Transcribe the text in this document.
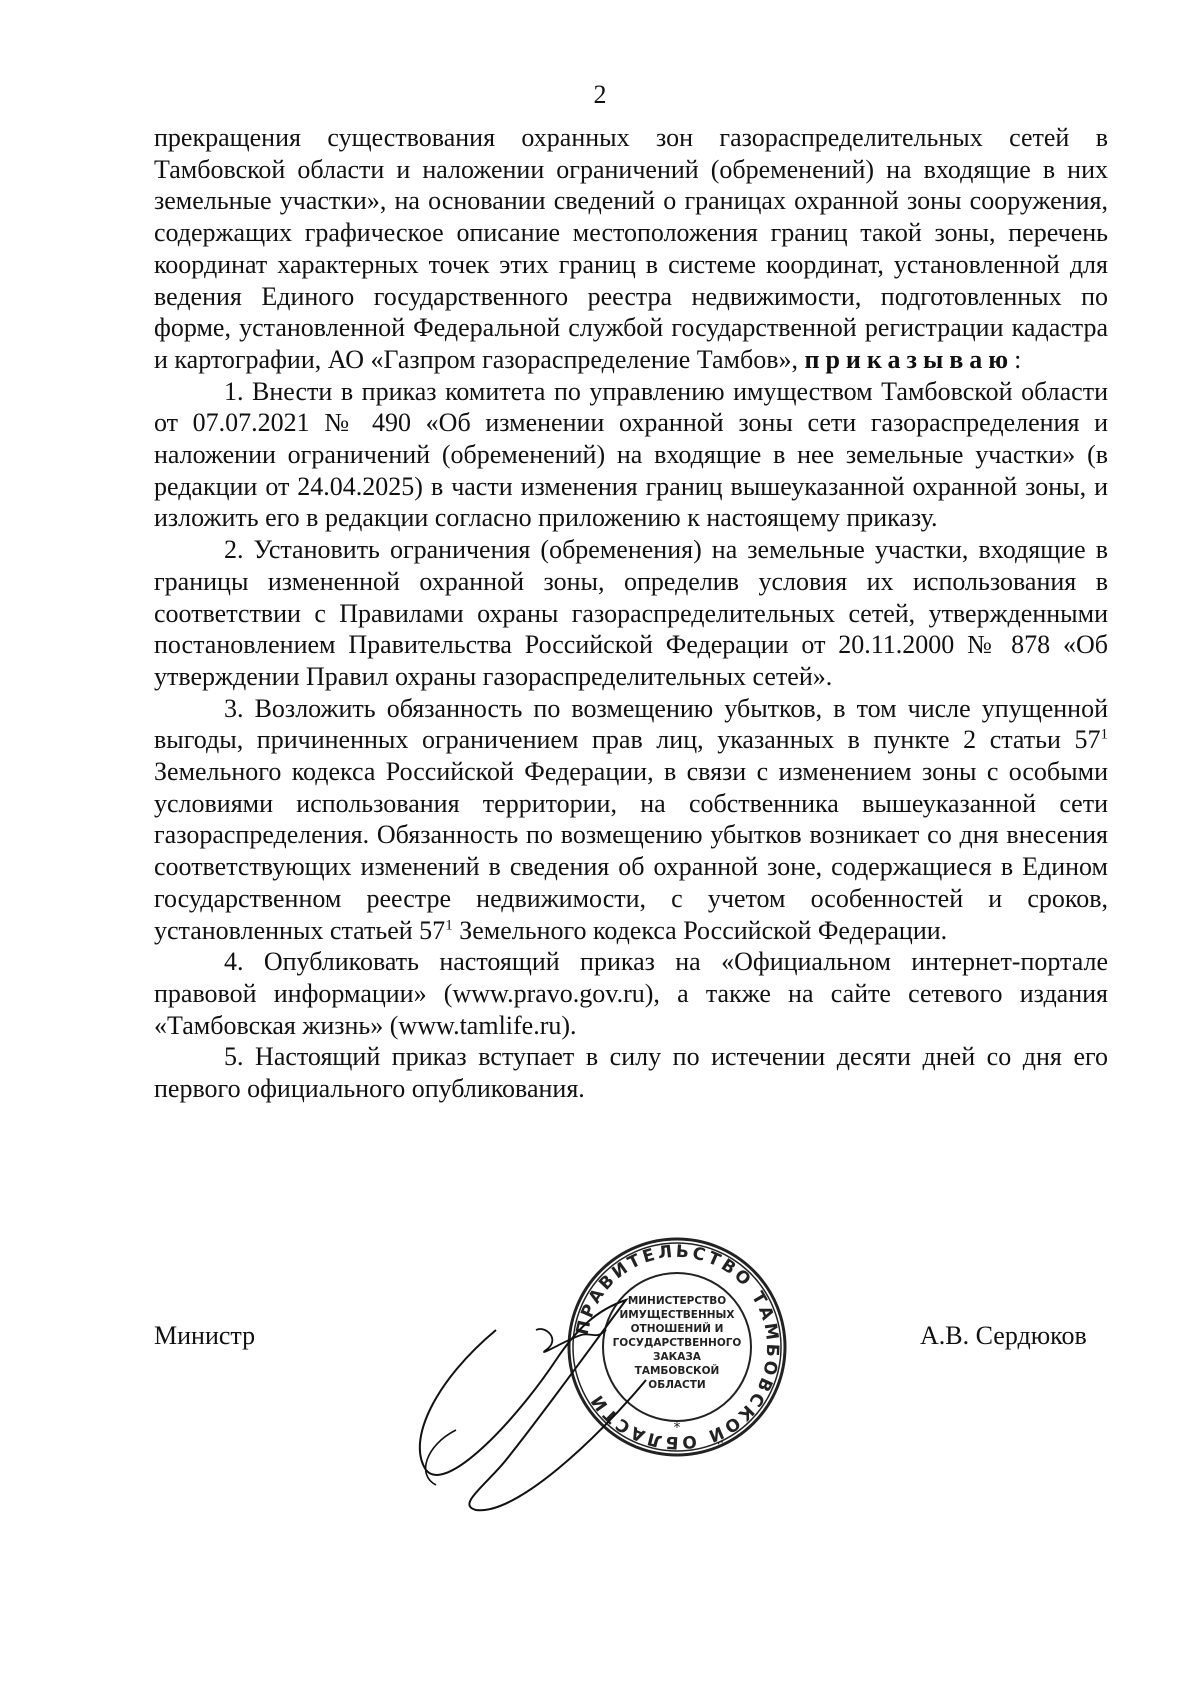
2

прекращения существования охранных зон газораспределительных сетей в Тамбовской области и наложении ограничений (обременений) на входящие в них земельные участки», на основании сведений о границах охранной зоны сооружения, содержащих графическое описание местоположения границ такой зоны, перечень координат характерных точек этих границ в системе координат, установленной для ведения Единого государственного реестра недвижимости, подготовленных по форме, установленной Федеральной службой государственной регистрации кадастра и картографии, АО «Газпром газораспределение Тамбов», приказываю:

1. Внести в приказ комитета по управлению имуществом Тамбовской области от 07.07.2021 № 490 «Об изменении охранной зоны сети газораспределения и наложении ограничений (обременений) на входящие в нее земельные участки» (в редакции от 24.04.2025) в части изменения границ вышеуказанной охранной зоны, и изложить его в редакции согласно приложению к настоящему приказу.

2. Установить ограничения (обременения) на земельные участки, входящие в границы измененной охранной зоны, определив условия их использования в соответствии с Правилами охраны газораспределительных сетей, утвержденными постановлением Правительства Российской Федерации от 20.11.2000 № 878 «Об утверждении Правил охраны газораспределительных сетей».

3. Возложить обязанность по возмещению убытков, в том числе упущенной выгоды, причиненных ограничением прав лиц, указанных в пункте 2 статьи $57^1$ Земельного кодекса Российской Федерации, в связи с изменением зоны с особыми условиями использования территории, на собственника вышеуказанной сети газораспределения. Обязанность по возмещению убытков возникает со дня внесения соответствующих изменений в сведения об охранной зоне, содержащиеся в Едином государственном реестре недвижимости, с учетом особенностей и сроков, установленных статьей $57^1$ Земельного кодекса Российской Федерации.

4. Опубликовать настоящий приказ на «Официальном интернет-портале правовой информации» (www.pravo.gov.ru), а также на сайте сетевого издания «Тамбовская жизнь» (www.tamlife.ru).

5. Настоящий приказ вступает в силу по истечении десяти дней со дня его первого официального опубликования.

Министр	А.В. Сердюков
ПРАВИТЕЛЬСТВО ТАМБОВСКОЙ ОБЛАСТИ
МИНИСТЕРСТВО
ИМУЩЕСТВЕННЫХ
ОТНОШЕНИЙ И
ГОСУДАРСТВЕННОГО
ЗАКАЗА
ТАМБОВСКОЙ
ОБЛАСТИ
*
